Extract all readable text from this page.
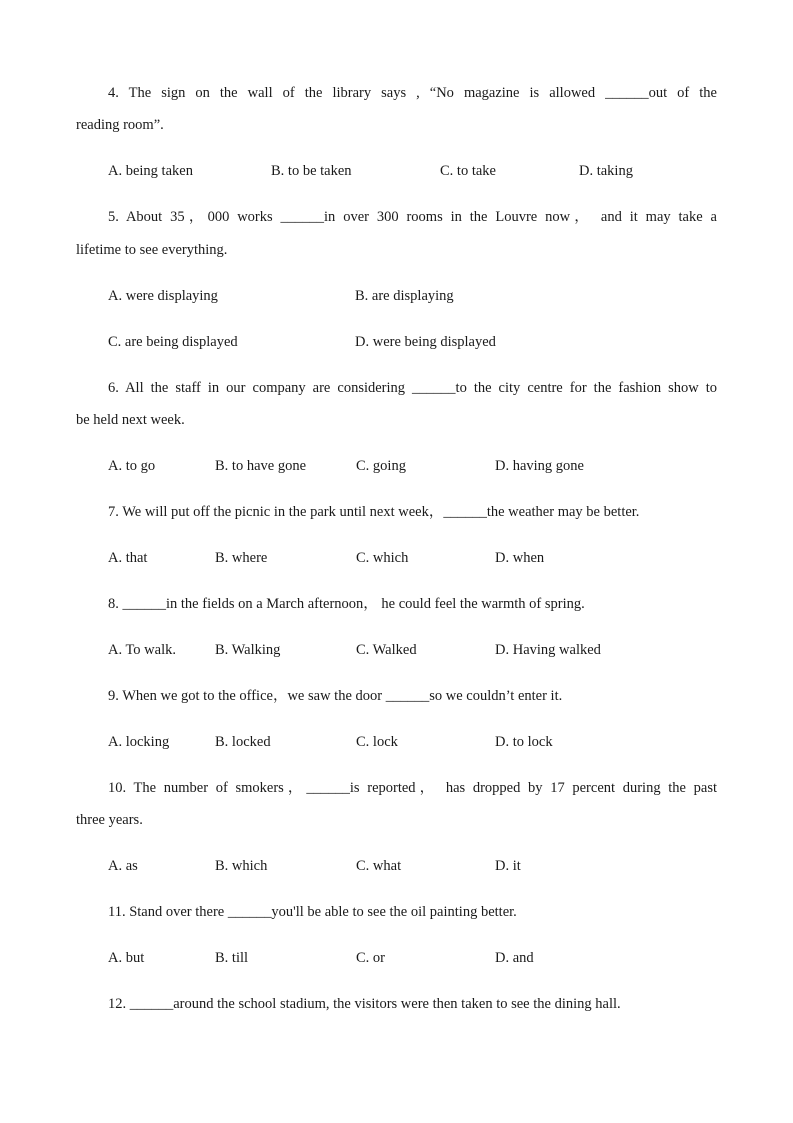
4. The sign on the wall of the library says , “No magazine is allowed ______out of the
reading room”.
A. being taken	B. to be taken	C. to take	D. taking
5. About 35，000 works ______in over 300 rooms in the Louvre now， and it may take a
lifetime to see everything.
A. were displaying	B. are displaying
C. are being displayed	D. were being displayed
6. All the staff in our company are considering ______to the city centre for the fashion show to
be held next week.
A. to go	B. to have gone	C. going	D. having gone
7. We will put off the picnic in the park until next week，______the weather may be better.
A. that	B. where	C. which	D. when
8. ______in the fields on a March afternoon， he could feel the warmth of spring.
A. To walk.	B. Walking	C. Walked	D. Having walked
9. When we got to the office，we saw the door ______so we couldn’t enter it.
A. locking	B. locked	C. lock	D. to lock
10. The number of smokers，______is reported， has dropped by 17 percent during the past
three years.
A. as	B. which	C. what	D. it
11. Stand over there ______you'll be able to see the oil painting better.
A. but	B. till	C. or	D. and
12. ______around the school stadium, the visitors were then taken to see the dining hall.
